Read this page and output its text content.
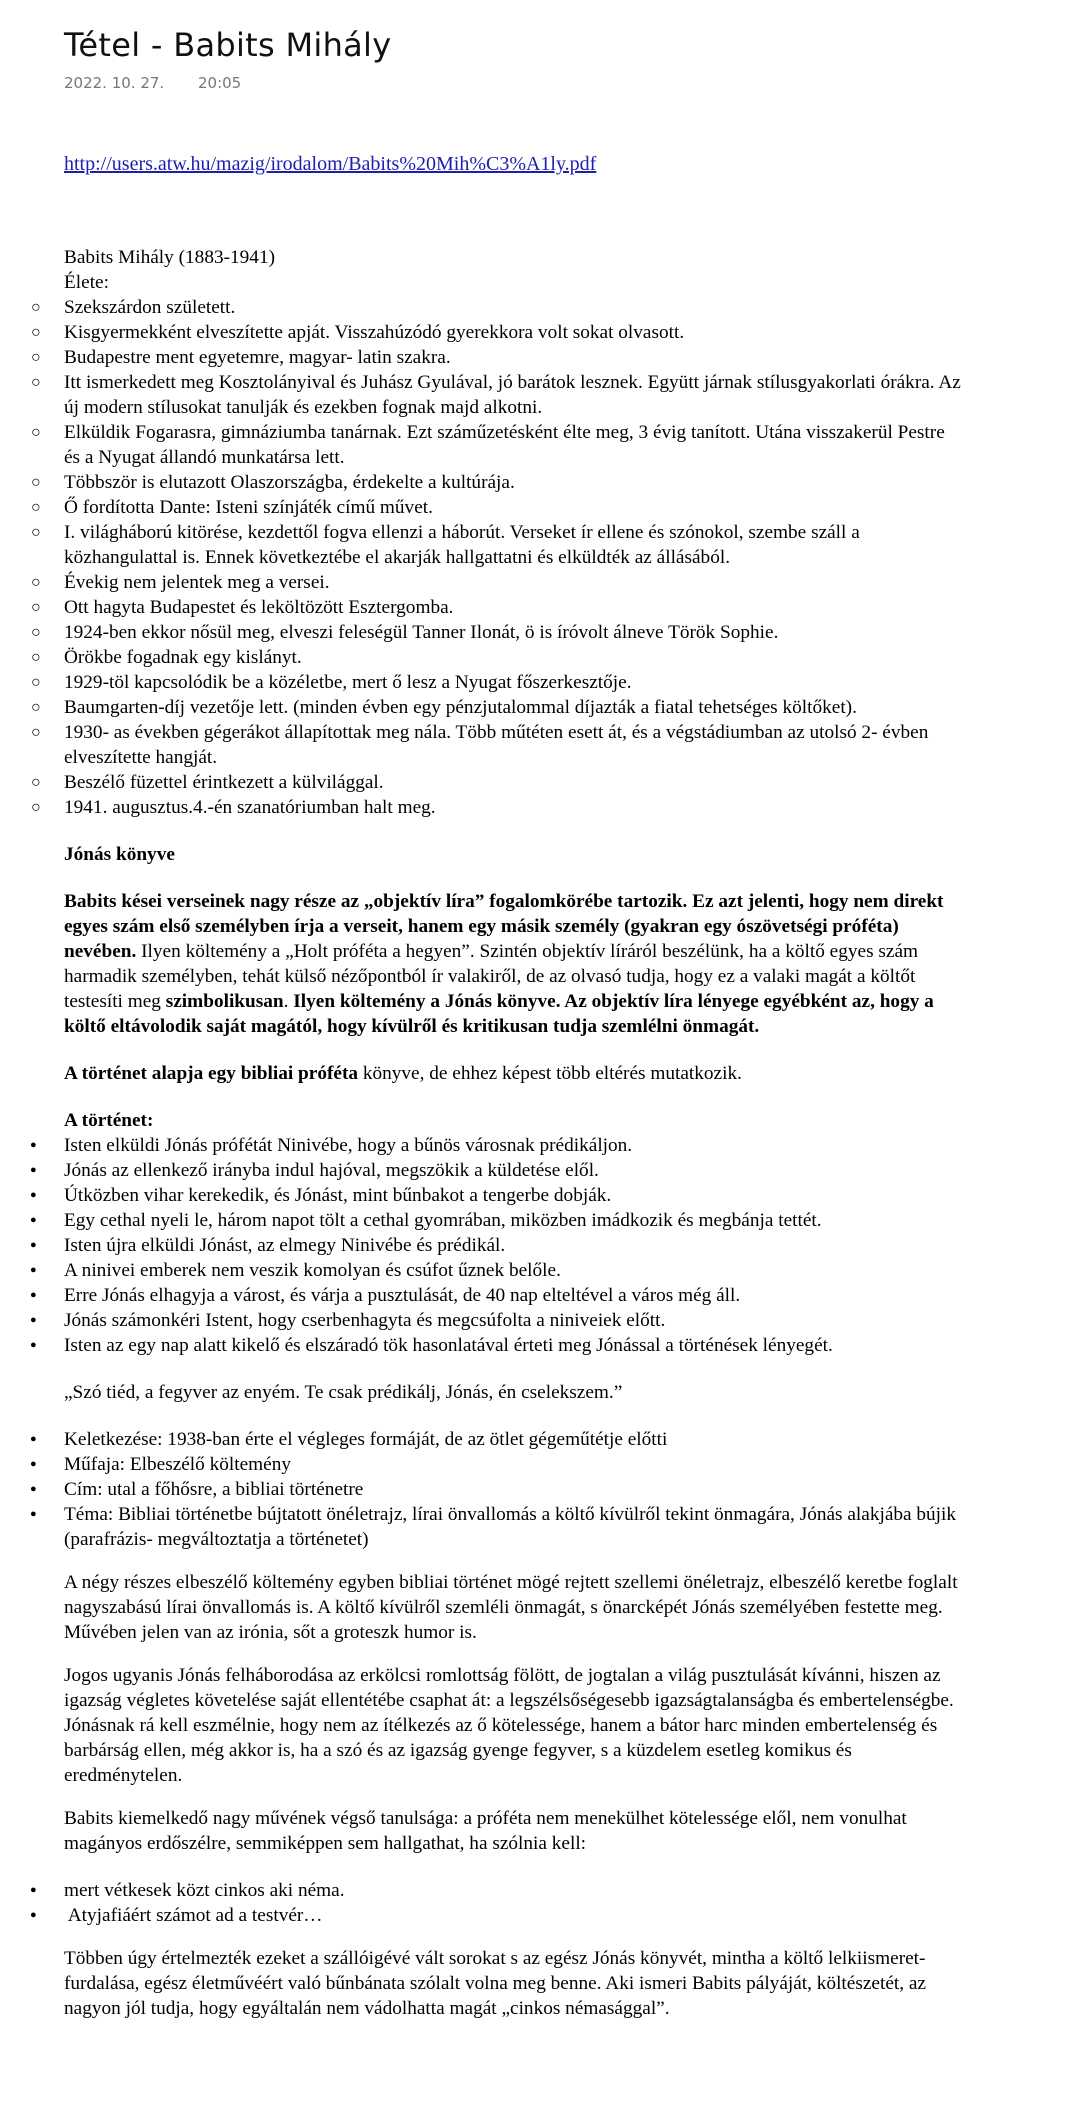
Tétel - Babits Mihály
2022. 10. 27. 20:05
http://users.atw.hu/mazig/irodalom/Babits%20Mih%C3%A1ly.pdf

Babits Mihály (1883-1941)

Élete:

○ Szekszárdon született.
○ Kisgyermekként elveszítette apját. Visszahúzódó gyerekkora volt sokat olvasott.
○ Budapestre ment egyetemre, magyar- latin szakra.
○ Itt ismerkedett meg Kosztolányival és Juhász Gyulával, jó barátok lesznek. Együtt járnak stílusgyakorlati órákra. Az új modern stílusokat tanulják és ezekben fognak majd alkotni.
○ Elküldik Fogarasra, gimnáziumba tanárnak. Ezt száműzetésként élte meg, 3 évig tanított. Utána visszakerül Pestre és a Nyugat állandó munkatársa lett.
○ Többször is elutazott Olaszországba, érdekelte a kultúrája.
○ Ő fordította Dante: Isteni színjáték című művet.
○ I. világháború kitörése, kezdettől fogva ellenzi a háborút. Verseket ír ellene és szónokol, szembe száll a közhangulattal is. Ennek következtébe el akarják hallgattatni és elküldték az állásából.
○ Évekig nem jelentek meg a versei.
○ Ott hagyta Budapestet és leköltözött Esztergomba.
○ 1924-ben ekkor nősül meg, elveszi feleségül Tanner Ilonát, ö is íróvolt álneve Török Sophie.
○ Örökbe fogadnak egy kislányt.
○ 1929-töl kapcsolódik be a közéletbe, mert ő lesz a Nyugat főszerkesztője.
○ Baumgarten-díj vezetője lett. (minden évben egy pénzjutalommal díjazták a fiatal tehetséges költőket).
○ 1930- as években gégerákot állapítottak meg nála. Több műtéten esett át, és a végstádiumban az utolsó 2- évben elveszítette hangját.
○ Beszélő füzettel érintkezett a külvilággal.
○ 1941. augusztus.4.-én szanatóriumban halt meg.

Jónás könyve

Babits kései verseinek nagy része az „objektív líra” fogalomkörébe tartozik. Ez azt jelenti, hogy nem direkt egyes szám első személyben írja a verseit, hanem egy másik személy (gyakran egy ószövetségi próféta) nevében. Ilyen költemény a „Holt próféta a hegyen”. Szintén objektív líráról beszélünk, ha a költő egyes szám harmadik személyben, tehát külső nézőpontból ír valakiről, de az olvasó tudja, hogy ez a valaki magát a költőt testesíti meg szimbolikusan. Ilyen költemény a Jónás könyve. Az objektív líra lényege egyébként az, hogy a költő eltávolodik saját magától, hogy kívülről és kritikusan tudja szemlélni önmagát.

A történet alapja egy bibliai próféta könyve, de ehhez képest több eltérés mutatkozik.

A történet:

● Isten elküldi Jónás prófétát Ninivébe, hogy a bűnös városnak prédikáljon.
● Jónás az ellenkező irányba indul hajóval, megszökik a küldetése elől.
● Útközben vihar kerekedik, és Jónást, mint bűnbakot a tengerbe dobják.
● Egy cethal nyeli le, három napot tölt a cethal gyomrában, miközben imádkozik és megbánja tettét.
● Isten újra elküldi Jónást, az elmegy Ninivébe és prédikál.
● A ninivei emberek nem veszik komolyan és csúfot űznek belőle.
● Erre Jónás elhagyja a várost, és várja a pusztulását, de 40 nap elteltével a város még áll.
● Jónás számonkéri Istent, hogy cserbenhagyta és megcsúfolta a niniveiek előtt.
● Isten az egy nap alatt kikelő és elszáradó tök hasonlatával érteti meg Jónással a történések lényegét.

„Szó tiéd, a fegyver az enyém. Te csak prédikálj, Jónás, én cselekszem.”

● Keletkezése: 1938-ban érte el végleges formáját, de az ötlet gégeműtétje előtti
● Műfaja: Elbeszélő költemény
● Cím: utal a főhősre, a bibliai történetre
● Téma: Bibliai történetbe bújtatott önéletrajz, lírai önvallomás a költő kívülről tekint önmagára, Jónás alakjába bújik (parafrázis- megváltoztatja a történetet)

A négy részes elbeszélő költemény egyben bibliai történet mögé rejtett szellemi önéletrajz, elbeszélő keretbe foglalt nagyszabású lírai önvallomás is. A költő kívülről szemléli önmagát, s önarcképét Jónás személyében festette meg. Művében jelen van az irónia, sőt a groteszk humor is.

Jogos ugyanis Jónás felháborodása az erkölcsi romlottság fölött, de jogtalan a világ pusztulását kívánni, hiszen az igazság végletes követelése saját ellentétébe csaphat át: a legszélsőségesebb igazságtalanságba és embertelenségbe. Jónásnak rá kell eszmélnie, hogy nem az ítélkezés az ő kötelessége, hanem a bátor harc minden embertelenség és barbárság ellen, még akkor is, ha a szó és az igazság gyenge fegyver, s a küzdelem esetleg komikus és eredménytelen.

Babits kiemelkedő nagy művének végső tanulsága: a próféta nem menekülhet kötelessége elől, nem vonulhat magányos erdőszélre, semmiképpen sem hallgathat, ha szólnia kell:

● mert vétkesek közt cinkos aki néma.
●  Atyjafiáért számot ad a testvér…

Többen úgy értelmezték ezeket a szállóigévé vált sorokat s az egész Jónás könyvét, mintha a költő lelkiismeret-furdalása, egész életművéért való bűnbánata szólalt volna meg benne. Aki ismeri Babits pályáját, költészetét, az nagyon jól tudja, hogy egyáltalán nem vádolhatta magát „cinkos némasággal”.
